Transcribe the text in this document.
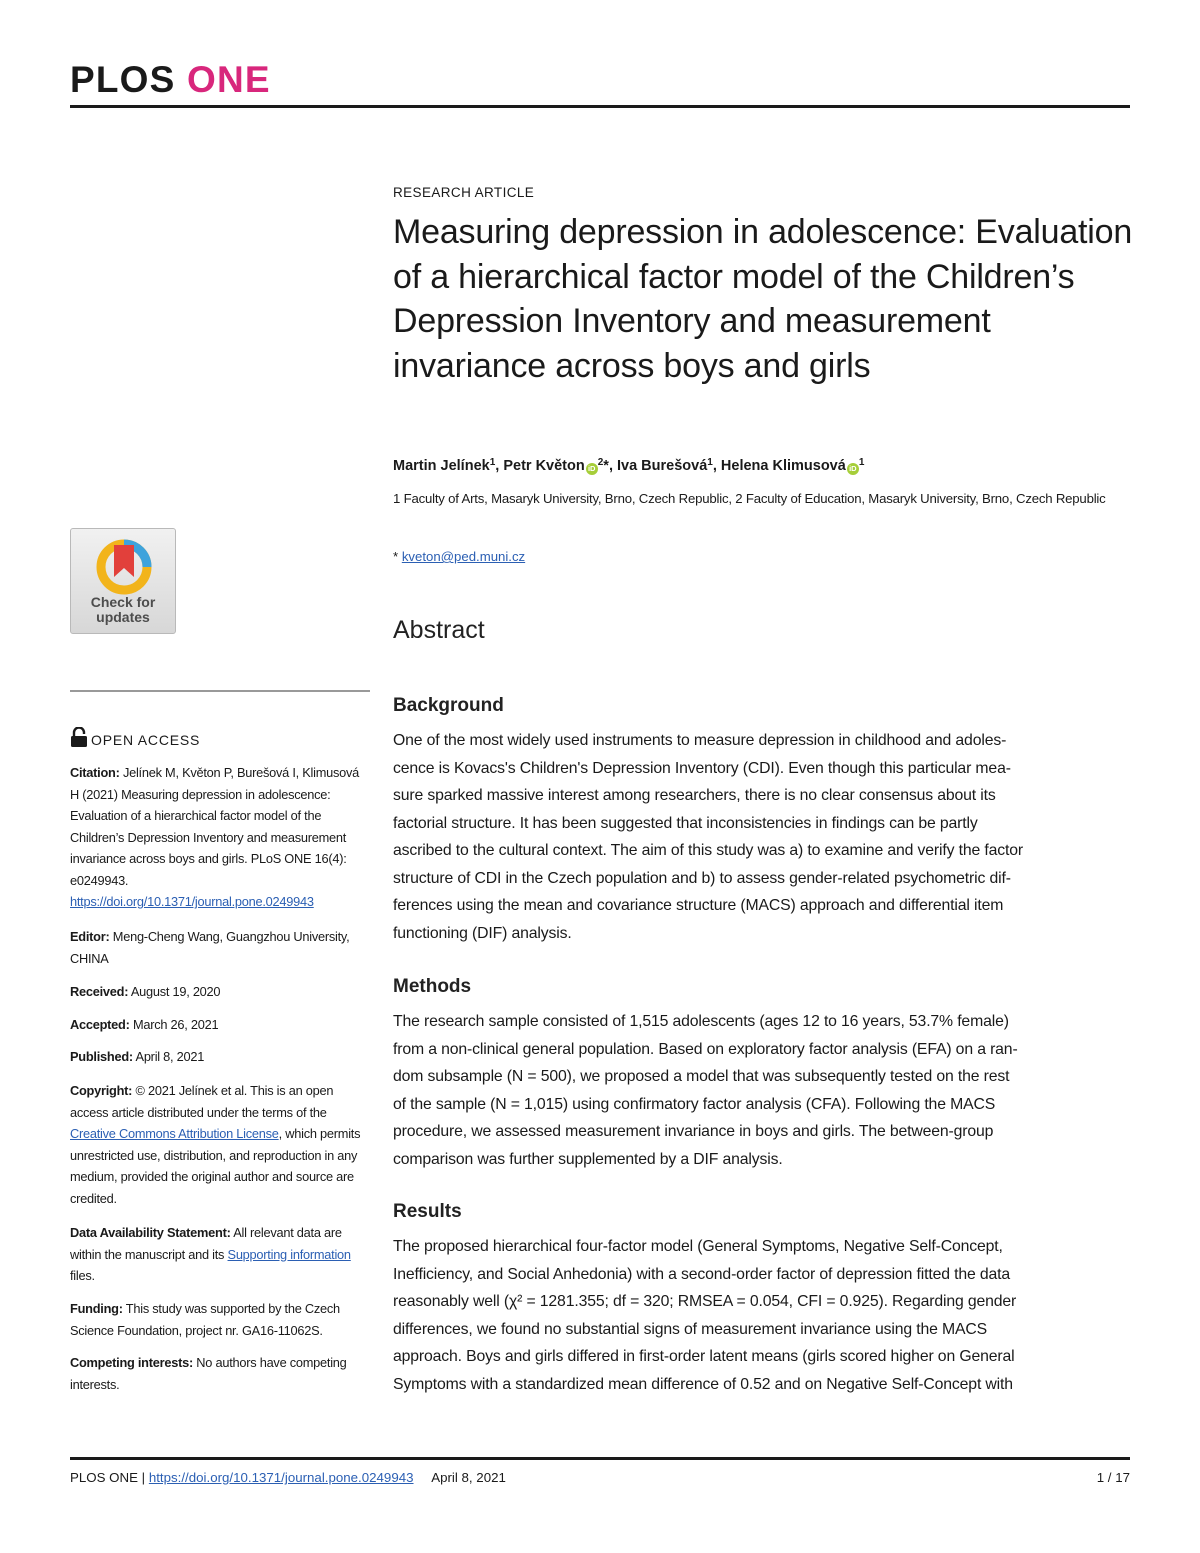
PLOS ONE
Check for
updates
OPEN ACCESS
Citation: Jelínek M, Květon P, Burešová I, Klimusová H (2021) Measuring depression in adolescence: Evaluation of a hierarchical factor model of the Children’s Depression Inventory and measurement invariance across boys and girls. PLoS ONE 16(4): e0249943. https://doi.org/10.1371/journal.pone.0249943
Editor: Meng-Cheng Wang, Guangzhou University, CHINA
Received: August 19, 2020
Accepted: March 26, 2021
Published: April 8, 2021
Copyright: © 2021 Jelínek et al. This is an open access article distributed under the terms of the Creative Commons Attribution License, which permits unrestricted use, distribution, and reproduction in any medium, provided the original author and source are credited.
Data Availability Statement: All relevant data are within the manuscript and its Supporting information files.
Funding: This study was supported by the Czech Science Foundation, project nr. GA16-11062S.
Competing interests: No authors have competing interests.
RESEARCH ARTICLE
Measuring depression in adolescence: Evaluation of a hierarchical factor model of the Children’s Depression Inventory and measurement invariance across boys and girls
Martin Jelínek$^1$, Petr Květon $iD^2*$, Iva Burešová$^1$, Helena Klimusová $iD^1$
1 Faculty of Arts, Masaryk University, Brno, Czech Republic, 2 Faculty of Education, Masaryk University, Brno, Czech Republic
* kveton@ped.muni.cz
Abstract
Background
One of the most widely used instruments to measure depression in childhood and adoles-
cence is Kovacs's Children's Depression Inventory (CDI). Even though this particular mea-
sure sparked massive interest among researchers, there is no clear consensus about its
factorial structure. It has been suggested that inconsistencies in findings can be partly
ascribed to the cultural context. The aim of this study was a) to examine and verify the factor
structure of CDI in the Czech population and b) to assess gender-related psychometric dif-
ferences using the mean and covariance structure (MACS) approach and differential item
functioning (DIF) analysis.
Methods
The research sample consisted of 1,515 adolescents (ages 12 to 16 years, 53.7% female)
from a non-clinical general population. Based on exploratory factor analysis (EFA) on a ran-
dom subsample (N = 500), we proposed a model that was subsequently tested on the rest
of the sample (N = 1,015) using confirmatory factor analysis (CFA). Following the MACS
procedure, we assessed measurement invariance in boys and girls. The between-group
comparison was further supplemented by a DIF analysis.
Results
The proposed hierarchical four-factor model (General Symptoms, Negative Self-Concept,
Inefficiency, and Social Anhedonia) with a second-order factor of depression fitted the data
reasonably well (χ² = 1281.355; df = 320; RMSEA = 0.054, CFI = 0.925). Regarding gender
differences, we found no substantial signs of measurement invariance using the MACS
approach. Boys and girls differed in first-order latent means (girls scored higher on General
Symptoms with a standardized mean difference of 0.52 and on Negative Self-Concept with
PLOS ONE | https://doi.org/10.1371/journal.pone.0249943 April 8, 2021	1 / 17
